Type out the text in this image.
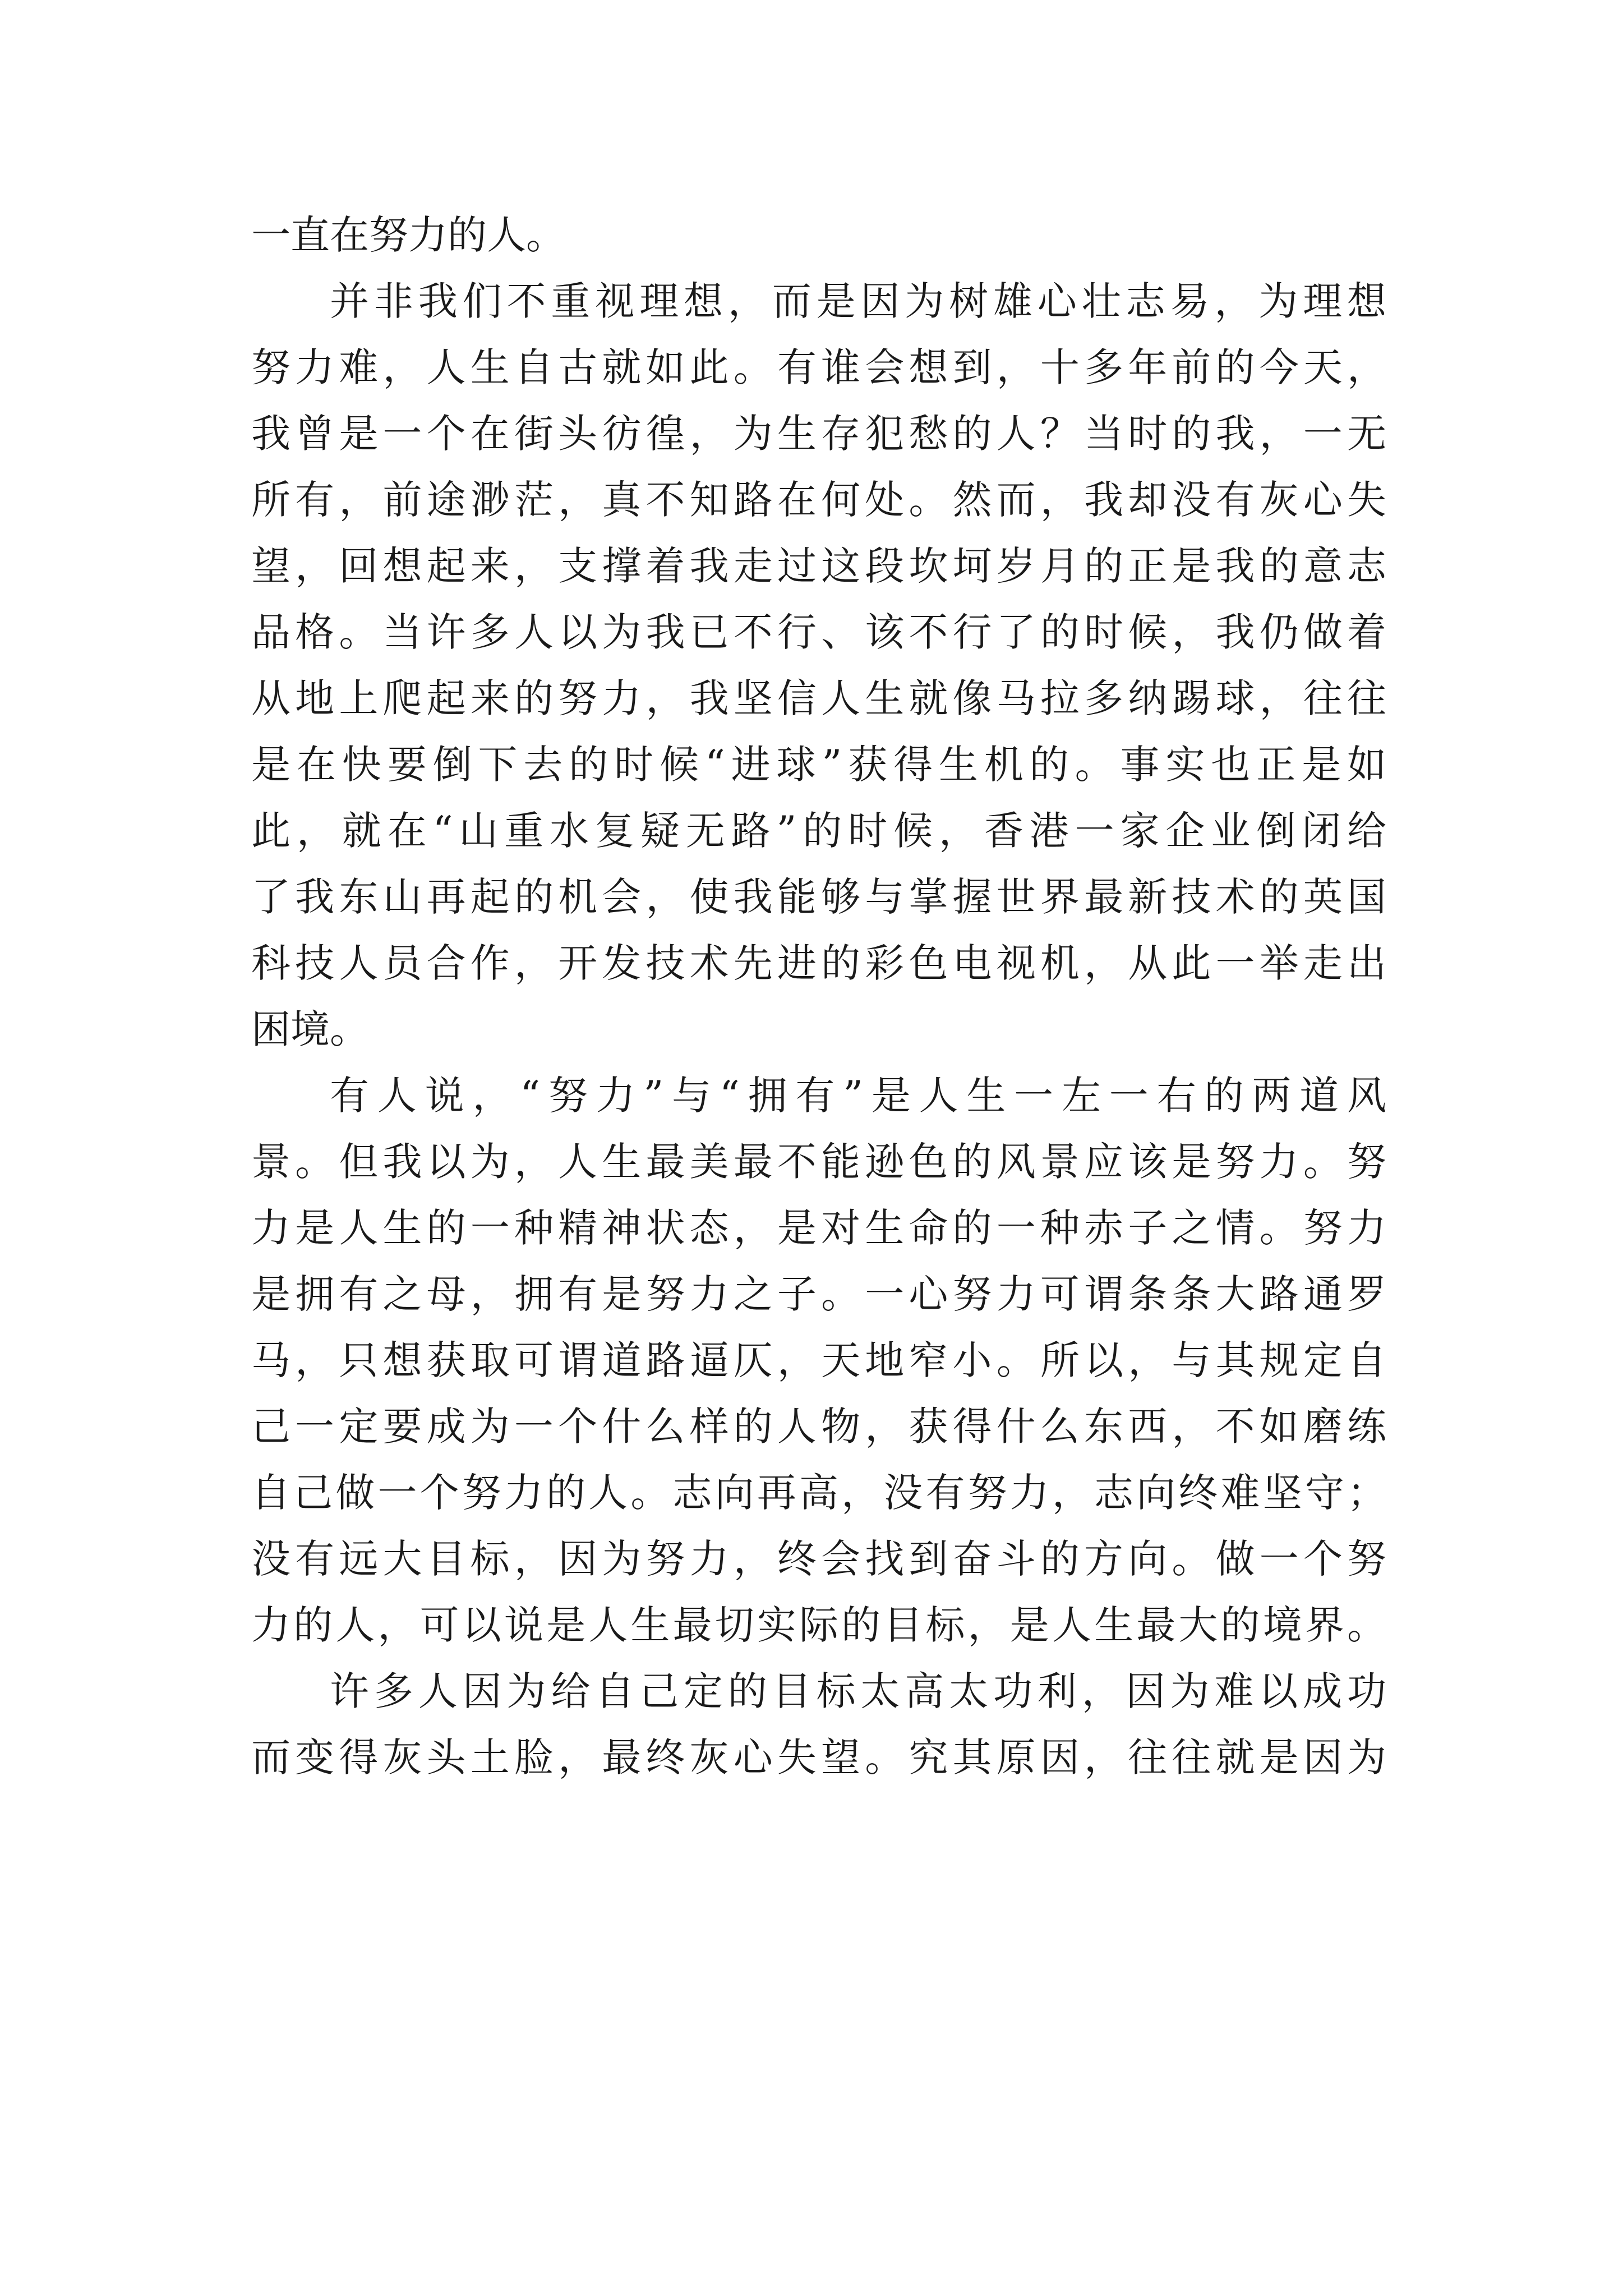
一直在努力的人。
并非我们不重视理想，而是因为树雄心壮志易，为理想
努力难，人生自古就如此。有谁会想到，十多年前的今天，
我曾是一个在街头彷徨，为生存犯愁的人？当时的我，一无
所有，前途渺茫，真不知路在何处。然而，我却没有灰心失
望，回想起来，支撑着我走过这段坎坷岁月的正是我的意志
品格。当许多人以为我已不行、该不行了的时候，我仍做着
从地上爬起来的努力，我坚信人生就像马拉多纳踢球，往往
是在快要倒下去的时候“进球”获得生机的。事实也正是如
此，就在“山重水复疑无路”的时候，香港一家企业倒闭给
了我东山再起的机会，使我能够与掌握世界最新技术的英国
科技人员合作，开发技术先进的彩色电视机，从此一举走出
困境。
有人说，“努力”与“拥有”是人生一左一右的两道风
景。但我以为，人生最美最不能逊色的风景应该是努力。努
力是人生的一种精神状态，是对生命的一种赤子之情。努力
是拥有之母，拥有是努力之子。一心努力可谓条条大路通罗
马，只想获取可谓道路逼仄，天地窄小。所以，与其规定自
己一定要成为一个什么样的人物，获得什么东西，不如磨练
自己做一个努力的人。志向再高，没有努力，志向终难坚守；
没有远大目标，因为努力，终会找到奋斗的方向。做一个努
力的人，可以说是人生最切实际的目标，是人生最大的境界。
许多人因为给自己定的目标太高太功利，因为难以成功
而变得灰头土脸，最终灰心失望。究其原因，往往就是因为
